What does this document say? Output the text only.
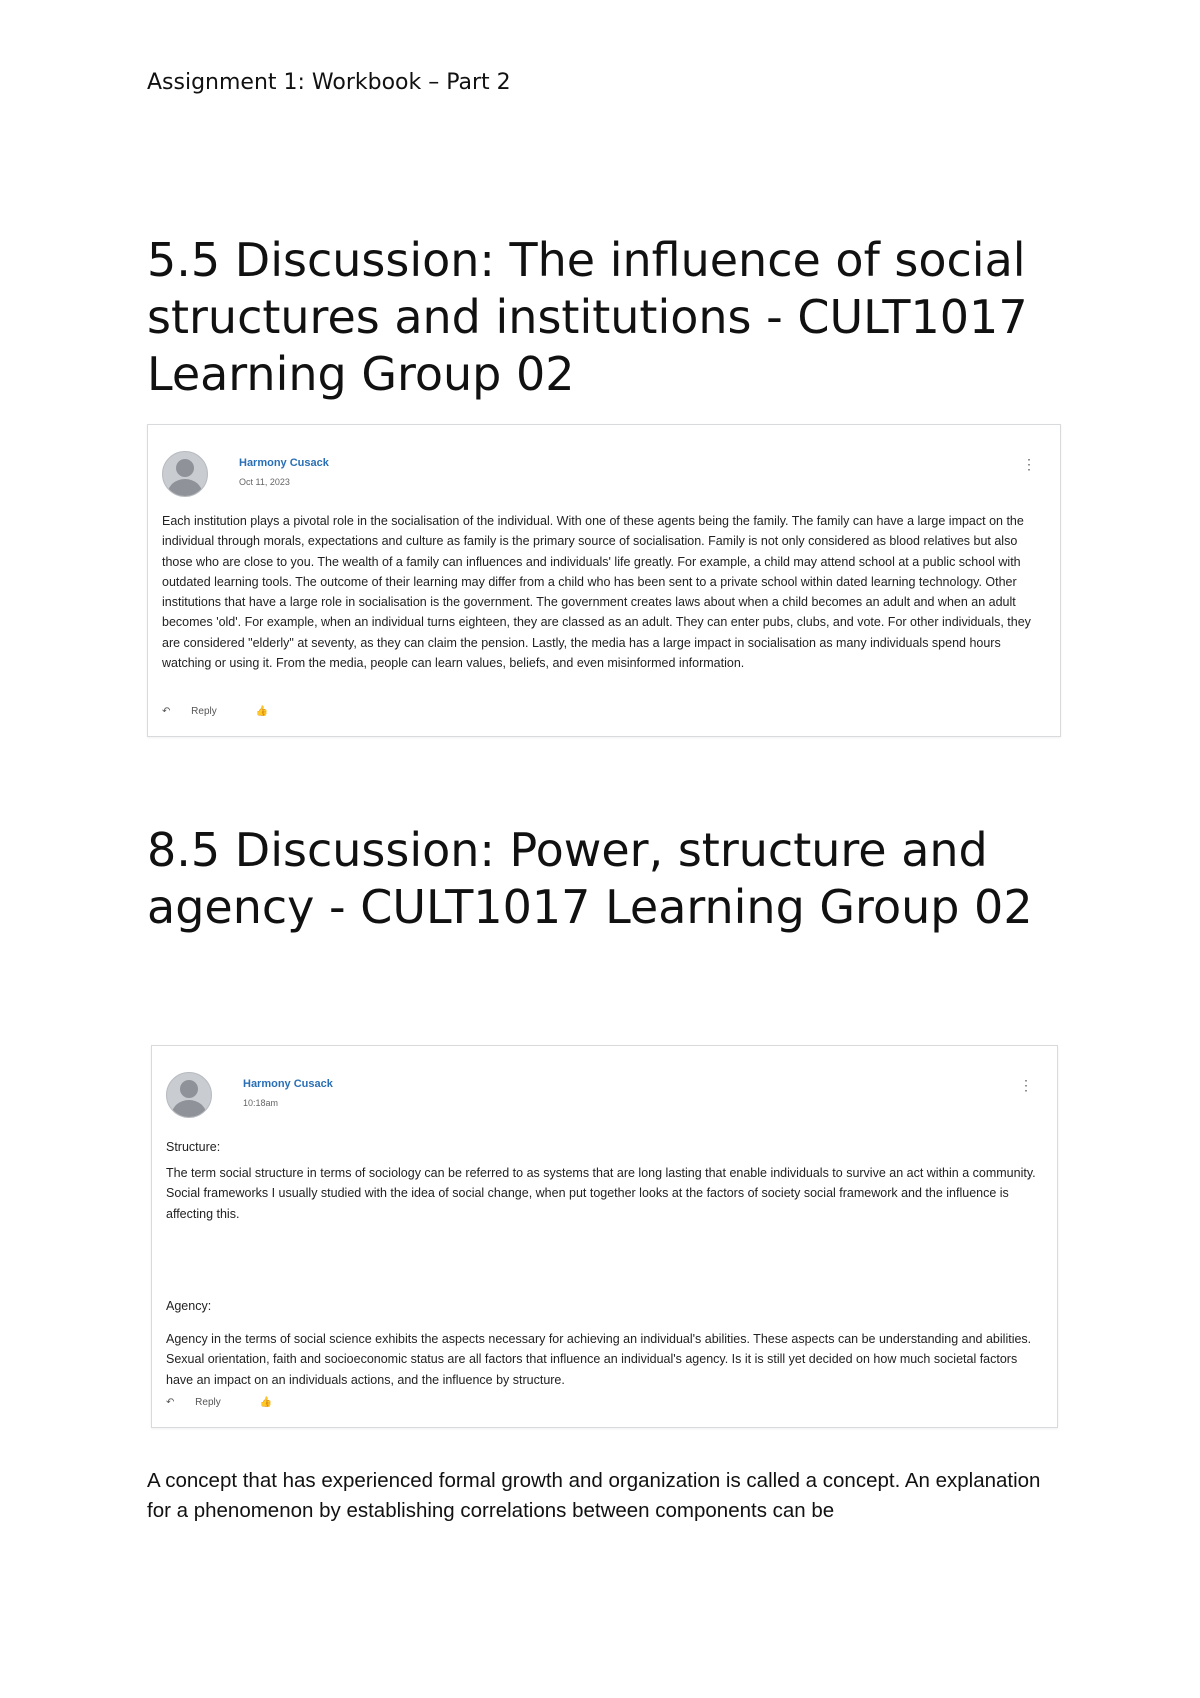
Assignment 1: Workbook – Part 2
5.5 Discussion: The influence of social structures and institutions - CULT1017 Learning Group 02
Harmony Cusack
Oct 11, 2023
⋮
Each institution plays a pivotal role in the socialisation of the individual. With one of these agents being the family. The family can have a large impact on the individual through morals, expectations and culture as family is the primary source of socialisation. Family is not only considered as blood relatives but also those who are close to you. The wealth of a family can influences and individuals' life greatly. For example, a child may attend school at a public school with outdated learning tools. The outcome of their learning may differ from a child who has been sent to a private school within dated learning technology. Other institutions that have a large role in socialisation is the government. The government creates laws about when a child becomes an adult and when an adult becomes 'old'. For example, when an individual turns eighteen, they are classed as an adult. They can enter pubs, clubs, and vote. For other individuals, they are considered "elderly" at seventy, as they can claim the pension. Lastly, the media has a large impact in socialisation as many individuals spend hours watching or using it. From the media, people can learn values, beliefs, and even misinformed information.
↶ Reply	👍
8.5 Discussion: Power, structure and agency - CULT1017 Learning Group 02
Harmony Cusack
10:18am
⋮
Structure:
The term social structure in terms of sociology can be referred to as systems that are long lasting that enable individuals to survive an act within a community. Social frameworks I usually studied with the idea of social change, when put together looks at the factors of society social framework and the influence is affecting this.
Agency:
Agency in the terms of social science exhibits the aspects necessary for achieving an individual's abilities. These aspects can be understanding and abilities. Sexual orientation, faith and socioeconomic status are all factors that influence an individual's agency. Is it is still yet decided on how much societal factors have an impact on an individuals actions, and the influence by structure.
↶ Reply	👍

A concept that has experienced formal growth and organization is called a concept. An explanation for a phenomenon by establishing correlations between components can be
